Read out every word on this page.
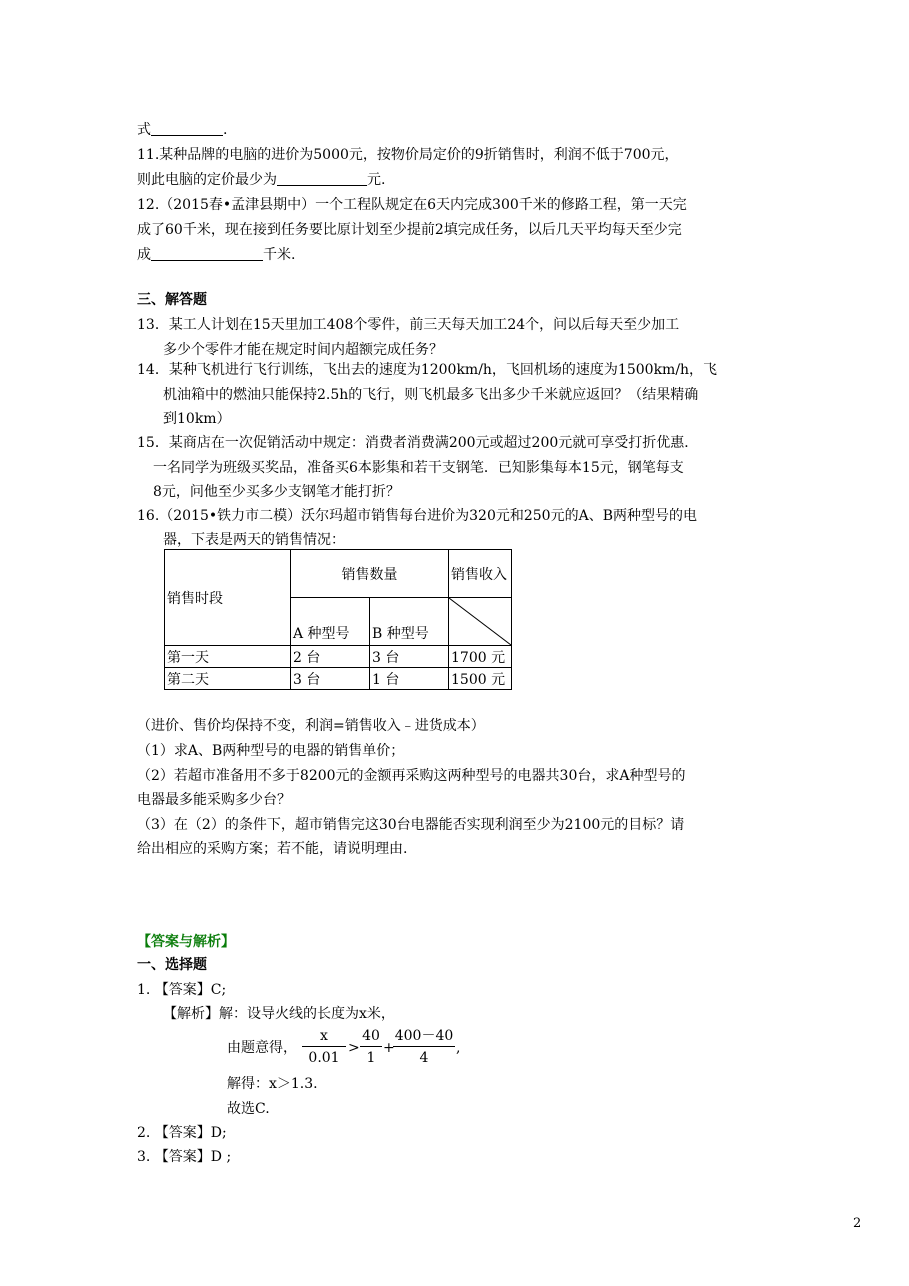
式	.
11.某种品牌的电脑的进价为5000元，按物价局定价的9折销售时，利润不低于700元，
则此电脑的定价最少为	元.
12.（2015春•孟津县期中）一个工程队规定在6天内完成300千米的修路工程，第一天完
成了60千米，现在接到任务要比原计划至少提前2填完成任务，以后几天平均每天至少完
成	千米.
三、解答题
13．某工人计划在15天里加工408个零件，前三天每天加工24个，问以后每天至少加工
多少个零件才能在规定时间内超额完成任务？
14．某种飞机进行飞行训练，飞出去的速度为1200km/h，飞回机场的速度为1500km/h，飞
机油箱中的燃油只能保持2.5h的飞行，则飞机最多飞出多少千米就应返回？（结果精确
到10km）
15．某商店在一次促销活动中规定：消费者消费满200元或超过200元就可享受打折优惠．
一名同学为班级买奖品，准备买6本影集和若干支钢笔．已知影集每本15元，钢笔每支
8元，问他至少买多少支钢笔才能打折？
16.（2015•铁力市二模）沃尔玛超市销售每台进价为320元和250元的A、B两种型号的电
器，下表是两天的销售情况：
销售时段	销售数量		销售收入
	A 种型号	B 种型号	

第一天	2 台	3 台	1700 元
第二天	3 台	1 台	1500 元
（进价、售价均保持不变，利润=销售收入﹣进货成本）
（1）求A、B两种型号的电器的销售单价；
（2）若超市准备用不多于8200元的金额再采购这两种型号的电器共30台，求A种型号的
电器最多能采购多少台？
（3）在（2）的条件下，超市销售完这30台电器能否实现利润至少为2100元的目标？请
给出相应的采购方案；若不能，请说明理由.
【答案与解析】
一、选择题
1. 【答案】C;
【解析】解：设导火线的长度为x米，
由题意得， $\frac{x}{0.01} > \frac{40}{1}$ +
$\frac{400-40}{4}$ ,
解得：x＞1.3.
故选C.
2. 【答案】D;
3. 【答案】D ;
2
